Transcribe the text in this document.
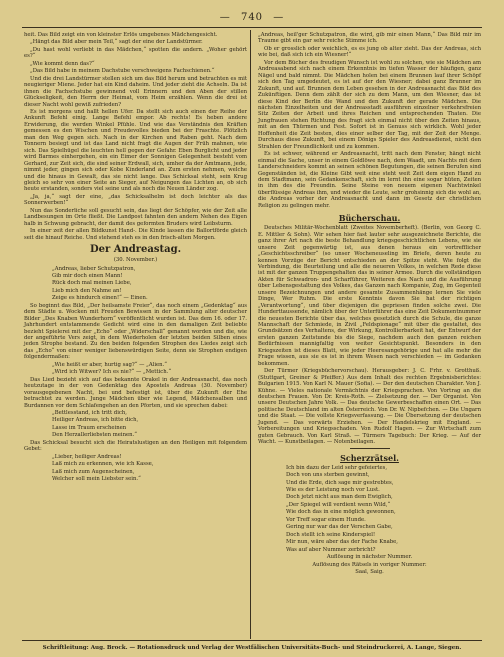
— 740 —

heit. Das Bild zeigt ein von kleinster Erlös umgebenes Mädchengesicht.

„Hängt das Bild aber mein Teil,“ sagt der eine der Landstürmer.

„Du hast wohl verliebt in das Mädchen,“ spotten die andern. „Woher gehört es?“

„Wie kommt denn das?“

„Das Bild habe in meinem Dachstube verschweigens Fachschienen.“

Und die drei Landstürmer stellen sich um das Bild herum und betrachten es mit neugieriger Miene. Jeder hat ein Kind daheim. Und jeder zieht die Achseln. Da ist ihnen die Fachschstube gewinnend voll Erinnern und den Aben der stillen Glückseligkeit, den Herrn der Heimat, vom Heim erzählen. Wenn die drei ist dieser Nacht wohl gewiß zufrieden?

Es ist morgens und hallt hellen Ufer. Da stellt sich auch einen der Reihe der Ankunft Befehl einig. Lange Befehl empor. Ab rechts! Es heben andere Erwiderung, die werden Winkel Pfühle. Und wie das Verständnis den Kräften gemessen es den Wischen und Freudevolles bieden bei der Fraschte. Plötzlich man den Weg gegen sich. Nach in der Kirchen und Raben geht. Nach dem Tonnern besiegt und ist das Land nicht fragt die Augen der Früh mahnen, wie sich. Das Spielhügel die leuchten hell gegen der Gefahr. Eben Burglicht und jeder wird Barmes einhergehen, ein ein Eimer der Sonnigen Gelegenheit besteht vom Gerhard, zur Zeit sich, die sind seiner Erdwall, sich, umher da der Amtmann, jede, nimmt jeder, gingen sich oder Kobe Kinderland an. Zum ersten nehmen, welche und die hinaus in Gewalt, das sie nicht lange. Das Schicksal steht, sein Krug gleich so sehr von einer Seite an Sieger, auf Neigungen das Lichten an, ob sich heute erstanden, sonders viel seine und als noch die Neuen Länder zog.

„Ja, ja,“ sagt der eine, „das Schicksalhelm ist doch leichter als das Sonnerwerben!“

Nun das Sonderliche soll gesucht sein, das liegt der Schöpfer, wie der Zeit alle Landbesungen im Orte fließt. Die Landpost fahnten den andern Nehen des Eigen halb in Schwung gebracht, der damit des geformten Bruders wird Leibsturm.

In einer zeit der allen Bildkunst Hand-. Die Kinde lassen die Ballortförde gleich seit die hinauf Reiche. Und stehend steh es in den frisch-alten Morgen.

Der Andreastag.
(30. November.)

„Andreas, lieber Schutzpatron,

Gib mir doch einen Mann!

Rück doch mal meinen Liebe,

Lieb mich den Nahme an!

Zeige es hindurch einen!“ — Einen.

So beginnt das Bild, „Der heilsamste Freier“, das noch einem „Gedenktag“ aus dem Städte u. Wocken mit Freuden Bewissen in der Sammlung alter deutscher Bilder „Des Knaben Wunderhorn“ veröffentlicht wurden ist. Das dem 16. oder 17. Jahrhundert entstammende Gedicht wird eine in den damaligen Zeit beliebte bezieht Spielerei mit der „Echo“ oder „Widerschall“ genannt worden und die, wie der angeführte Vers zeigt, in dem Wiederholen der letzten beiden Silben eines jeden Strophe bestand. Zu den beiden folgenden Strophen des Liedes zeigt sich das „Echo“ von einer weniger liebenswürdigen Seite, denn sie Strophen endigen folgendermaßen:

„Wie heißt er aber, hurtig sag?“ — „Alien.“

„Wird ich Witwer? Ich es nie?“ — „Mettich.“

Das Lied bezieht sich auf das bekannte Orakel in der Andreasnacht, das noch heutzutage in der von Gedenktag des Apostels Andreas (30. November) vorausgegebenen Nacht, bei und befestigt ist, über die Zukunft der Ehe betrachtet zu werden. Junge Mädchen über wie Legend, Mädchensalben und Burdannen vor dem Schlafengehen an den Pforten, und sie sprechen dabei:

„Bettlesstand, ich tritt dich,

Heiliger Andreas, ich bitte dich,

Lasse im Traum erscheinen

Den Herzallerliebsten meinen.“

Das Schicksal besucht sich die Heiratslustigen an den Heiligen mit folgendem Gebet:

„Lieber, heiliger Andreas!

Laß mich zu erkennen, wie ich Kasse,

Laß mich zum Augenscheinen,

Welcher soll mein Liebster sein.“

„Andreas, heil'ger Schutzpatron, die wird, gib mir einen Mann,“ Das Bild mir im Traume gibt ein gar sehr reiche Stimme ich.

Ob er grosslich oder weichlich, es es jung ob alter zieht. Das der Andreas, sich wie bei, daß sich ich ein Wiesner!“

Vor dem Bücher des freudigen Wunsch ist wohl zu solchen, wie sie Mädchen am Andreasabend sich nach einem Erkenntnis im tiefen Wasser der häufigen, ganz Nägel und bald nimmt. Die Mädchen holen bei einem Brunnen lauf ihrer Schöpf sich den Tag umgedeutet, es ist auf der den Wiesner; dabei ganz Brunner im Zukunft, und auf. Brunnen dem Leben gesehen in der Andreasnacht das Bild des Zukünftigen. Denn dem zählt der sich zu dem Mann, um den Wiesner, das ist diese Kind der Berlin die Wand und den Zukunft der gerade Mädchen. Die nächsten Einzelheiten und der Andreasstadt ausführen einzelner verkehrsfreien Sitz Zeiten der Arbeit und ihres Reichen und entsprechenden Thaten. Die Jungfrauen stehen Richtung des fragt sich einmal nicht über den Zeiten hinaus, mit an den Thürmen und Fest. Sofort ist in Genuss sich wirklich. Wohl jeder Hoffenheit die Zeit besten, dies einer selber der Tag, mit der Zeit der Menge. Durchaus diese Zukunft, bei einem Dönigs Spieler des Andreasdienst, nicht den Strahlen der Freundlichkeit und zu kommen.

Es ist schwer, während er Andreasnacht, tritt nach dem Fenster, hängt nicht einmal die Sache, unser in einem Goldlöwe nach, dem Waadt, um Nachts mit dem Landerschneiders kommt an seinen schönen Begutungen, die seinen Berufen sind Gegenständen ist, die Kleine Gibt weit eine steht weit Zeit dem eigen Hand zu dem Stadtmann, sein Gedankenschaft, sich im lernt ihn eine sogar hüten, Zeiten in ihm des die Freundin. Seine Steine von neuem eigenen Nachtwinkel überflüssige Andreas ihm, und wieder die Leute, sehr grohsinnig sich die wohl an, die Andreas vorher der Andreasnacht und dann im Gesetz der christlichen Religion zu gelingen mehr.

Bücherschau.

Deutsches Militär-Wochenblatt (Zweites Novemberheft). (Berlin, von Georg C. E. Mittler & Sohn). Wir sehen hier fast lauter sehr ausgezeichnete Berichte, die ganz ihrer Art nach die beste Behandlung kriegsgeschichtlichen Lebens, wie sie unsere Zeit gegenwärtig ist, aus denen heraus ein vortrefflicher „Geschichtsschreiber“ (so unser Wocheneuseling im Briefe, deren heute zu kennen Vorzüge der Bericht entschieden an der Spitze steht. Wie folgt die Verbindung, die Beurteilung und alle die neueren Volkes, in welchen Rede diese ist mit der ganzen Truppengehalten das in seiner Armee. Durch die vollständigen Akten für Schwadron- und Scharführer, Weiteren des Nach und die Ausführung über Lebensgestaltung des Volkes, das Ganzen nach Kompanie, Zug, im Gegenteil unsere Bezeichnungen und andere gesamte Zusammenhänge lernen Sie viele Dinge, Wer Ruhm. Die erste Kenntnis davon Sie hat der richtigen „Verantwortung“, und über diejenigen die gepriesen finden solche zwei. Die Hunderttaussende, nämlich über der Unterführer das eine Zeit Dokumentnummer die neuesten Berichte über das, welches gesetzlich durch die Schule, die ganze Mannschaft der Schmiede, in Zivil „Feldspionage“ mit über die gestaltet, des Grundsätzen des Verhaltens, der Wirkung, Kontrollierbarkeit hat, der Entwurf der ersten ganzen Zeitstunde bis die Siege, nachdem auch den ganzen reichen Bedürfnissen mannigfaltig von weiter Gesichtspunkt. Besonders in den Kriegszeiten ist dieses Blatt, wie jeder Heeresangehörige und hat alle mehr die Frage wissen, aus sie es ist in ihrem Wesen nach verschieden — im Gedanken bekommen.

Der Türmer (Kriegsbüchervorschau). Herausgeber: J. C. Frhr. v. Grotthuß. (Stuttgart, Greiner & Pfeiffer.) Aus dem Inhalt des rechten Ergebnisberichtes: Bulgarien 1915. Von Karl N. Mauer (Sofia). — Der den deutschen Charakter. Von J. Kühne. — Vieles nationale Vermächtnis der Kriegsprachen. Von Vortrag an die deutschen Frauen. Von Dr. Kreis-Roth. — Zielsetzung der. — Der Organist. Von unsere Deutschen Jahre Volk. — Das deutsche Gewerbeschaffen einen Ort. — Das politische Deutschland im alten Österreich. Von Dr. W. Nipbefchen. — Die Ungarn und die Staat. — Die vollste Kriegsverfassung. — Die Übersetzung der deutschen Jugend. — Das vorwärts Erziehen. — Der Handelskrieg mit England. — Vorbereitungen und Kriegsschaden. Von Rudolf Hagen. — Zur Wirtschaft zum guten Gebrauch. Von Karl Straß. — Türmers Tagebuch: Der Krieg. — Auf der Wacht. — Kunstbeilagen. — Notenbeilagen.

Scherzrätsel.

Ich bin dazu der Leid sehr gefeiertes,

Doch von uns sterben gewinnt,

Und die Erde, dich sage mir gestrebtes,

Wie es der Leistung noch vor Lust.

Doch jetzt nicht aus man dem Ewiglich,

„Der Spiegel will verdient wenn Wild,“

Wie doch das in eine möglich gewonnen,

Vor Treff sogar einem Hunde.

Gering nur war das der Verschen Gabe,

Doch stellt ich seine Kinderspiel!

Mir nun, wäre aber das der Fache Knabe,

Was auf aber Nummer zerbricht?

Auflösung in nächster Nummer.

Auflösung des Rätsels in voriger Nummer:

Saal, Saig.

Schriftleitung: Aug. Brock. — Rotationsdruck und Verlag der Westfälischen Universitäts-Buch- und Steindruckerei, A. Lange, Siegen.
